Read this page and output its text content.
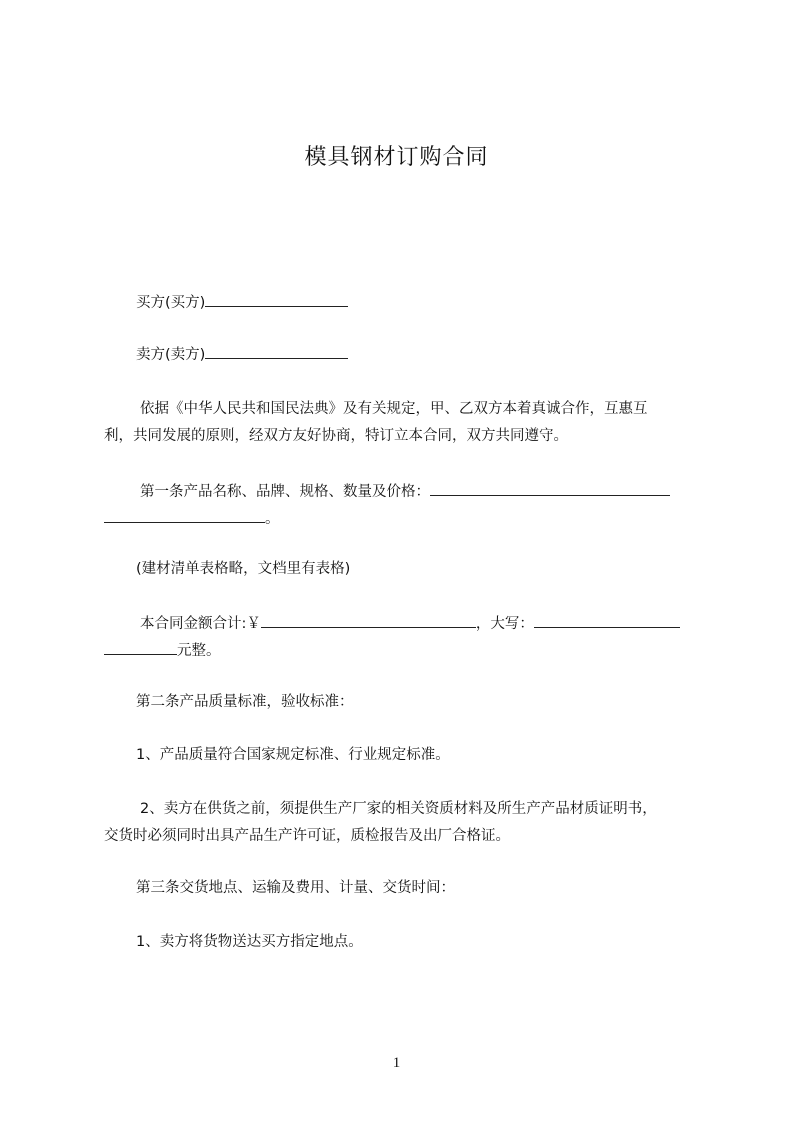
模具钢材订购合同
买方(买方)
卖方(卖方)
依据《中华人民共和国民法典》及有关规定，甲、乙双方本着真诚合作，互惠互
利，共同发展的原则，经双方友好协商，特订立本合同，双方共同遵守。
第一条产品名称、品牌、规格、数量及价格：
。
(建材清单表格略，文档里有表格)
本合同金额合计:￥	，大写：
元整。
第二条产品质量标准，验收标准：
1、产品质量符合国家规定标准、行业规定标准。
2、卖方在供货之前，须提供生产厂家的相关资质材料及所生产产品材质证明书，
交货时必须同时出具产品生产许可证，质检报告及出厂合格证。
第三条交货地点、运输及费用、计量、交货时间：
1、卖方将货物送达买方指定地点。
1
